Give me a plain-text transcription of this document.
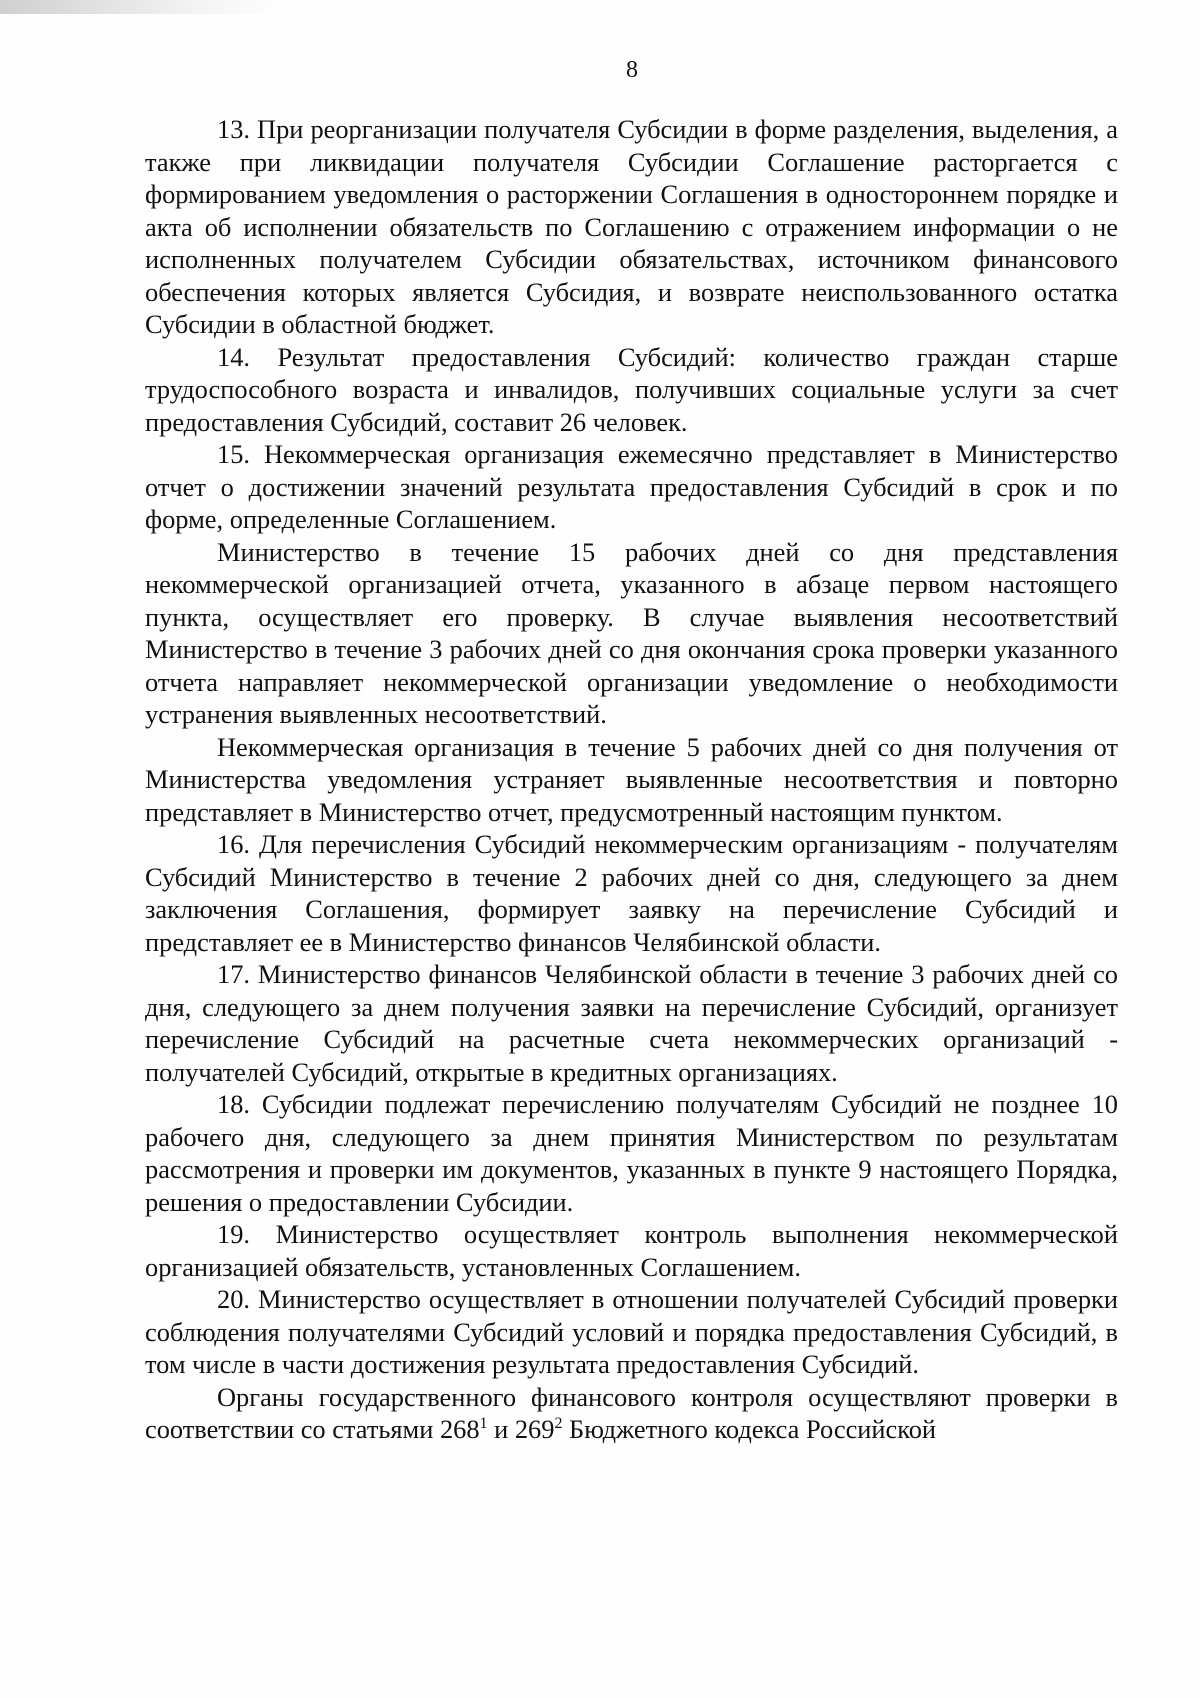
8

13. При реорганизации получателя Субсидии в форме разделения, выделения, а также при ликвидации получателя Субсидии Соглашение расторгается с формированием уведомления о расторжении Соглашения в одностороннем порядке и акта об исполнении обязательств по Соглашению с отражением информации о не исполненных получателем Субсидии обязательствах, источником финансового обеспечения которых является Субсидия, и возврате неиспользованного остатка Субсидии в областной бюджет.

14. Результат предоставления Субсидий: количество граждан старше трудоспособного возраста и инвалидов, получивших социальные услуги за счет предоставления Субсидий, составит 26 человек.

15. Некоммерческая организация ежемесячно представляет в Министерство отчет о достижении значений результата предоставления Субсидий в срок и по форме, определенные Соглашением.

Министерство в течение 15 рабочих дней со дня представления некоммерческой организацией отчета, указанного в абзаце первом настоящего пункта, осуществляет его проверку. В случае выявления несоответствий Министерство в течение 3 рабочих дней со дня окончания срока проверки указанного отчета направляет некоммерческой организации уведомление о необходимости устранения выявленных несоответствий.

Некоммерческая организация в течение 5 рабочих дней со дня получения от Министерства уведомления устраняет выявленные несоответствия и повторно представляет в Министерство отчет, предусмотренный настоящим пунктом.

16. Для перечисления Субсидий некоммерческим организациям - получателям Субсидий Министерство в течение 2 рабочих дней со дня, следующего за днем заключения Соглашения, формирует заявку на перечисление Субсидий и представляет ее в Министерство финансов Челябинской области.

17. Министерство финансов Челябинской области в течение 3 рабочих дней со дня, следующего за днем получения заявки на перечисление Субсидий, организует перечисление Субсидий на расчетные счета некоммерческих организаций - получателей Субсидий, открытые в кредитных организациях.

18. Субсидии подлежат перечислению получателям Субсидий не позднее 10 рабочего дня, следующего за днем принятия Министерством по результатам рассмотрения и проверки им документов, указанных в пункте 9 настоящего Порядка, решения о предоставлении Субсидии.

19. Министерство осуществляет контроль выполнения некоммерческой организацией обязательств, установленных Соглашением.

20. Министерство осуществляет в отношении получателей Субсидий проверки соблюдения получателями Субсидий условий и порядка предоставления Субсидий, в том числе в части достижения результата предоставления Субсидий.

Органы государственного финансового контроля осуществляют проверки в соответствии со статьями $268^1$ и $269^2$ Бюджетного кодекса Российской
